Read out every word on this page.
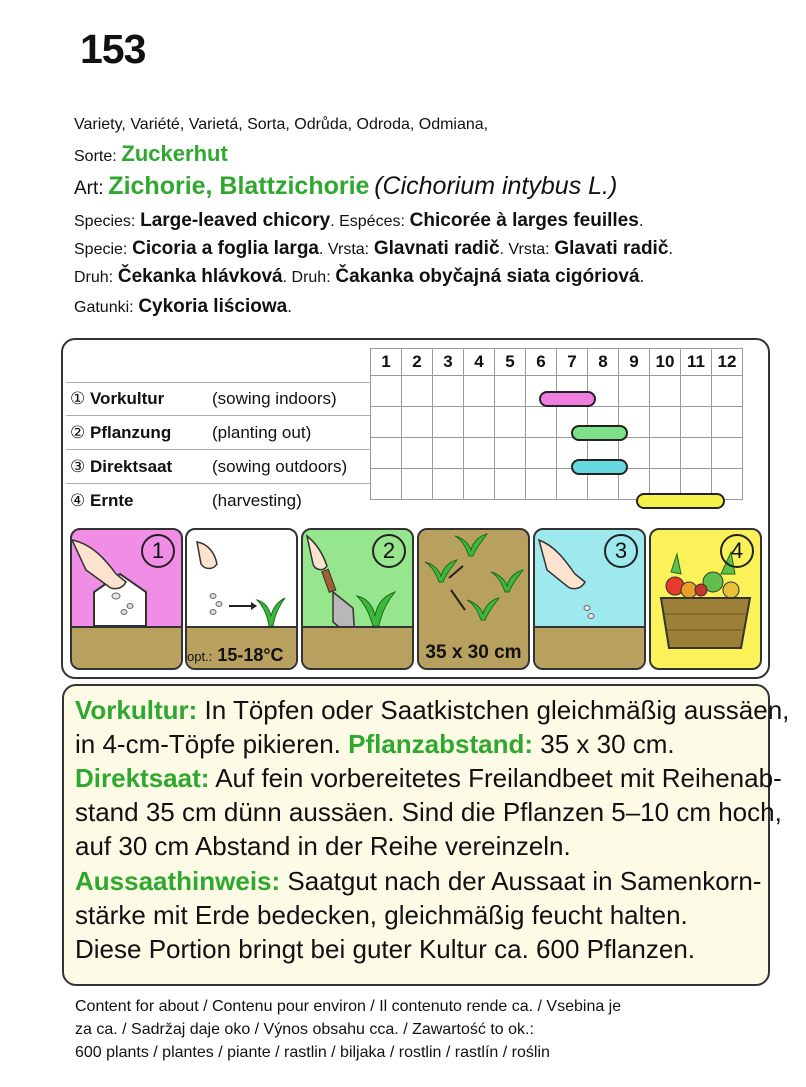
153
Variety, Variété, Varietá, Sorta, Odrůda, Odroda, Odmiana,
Sorte: Zuckerhut
Art: Zichorie, Blattzichorie (Cichorium intybus L.)
Species: Large-leaved chicory. Espéces: Chicorée à larges feuilles.
Specie: Cicoria a foglia larga. Vrsta: Glavnati radič. Vrsta: Glavati radič.
Druh: Čekanka hlávková. Druh: Čakanka obyčajná siata cigóriová.
Gatunki: Cykoria liściowa.
1	2	3	4	5	6	7	8	9	10	11	12

① Vorkultur	(sowing indoors)
② Pflanzung (planting out)
③ Direktsaat (sowing outdoors)
④ Ernte	(harvesting)
1
opt.: 15-18°C
2
35 x 30 cm
3	4
Vorkultur: In Töpfen oder Saatkistchen gleichmäßig aussäen,
in 4-cm-Töpfe pikieren. Pflanzabstand: 35 x 30 cm.
Direktsaat: Auf fein vorbereitetes Freilandbeet mit Reihenab-
stand 35 cm dünn aussäen. Sind die Pflanzen 5–10 cm hoch,
auf 30 cm Abstand in der Reihe vereinzeln.
Aussaathinweis: Saatgut nach der Aussaat in Samenkorn-
stärke mit Erde bedecken, gleichmäßig feucht halten.
Diese Portion bringt bei guter Kultur ca. 600 Pflanzen.
Content for about / Contenu pour environ / Il contenuto rende ca. / Vsebina je
za ca. / Sadržaj daje oko / Výnos obsahu cca. / Zawartość to ok.:
600 plants / plantes / piante / rastlin / biljaka / rostlin / rastlín / roślin
